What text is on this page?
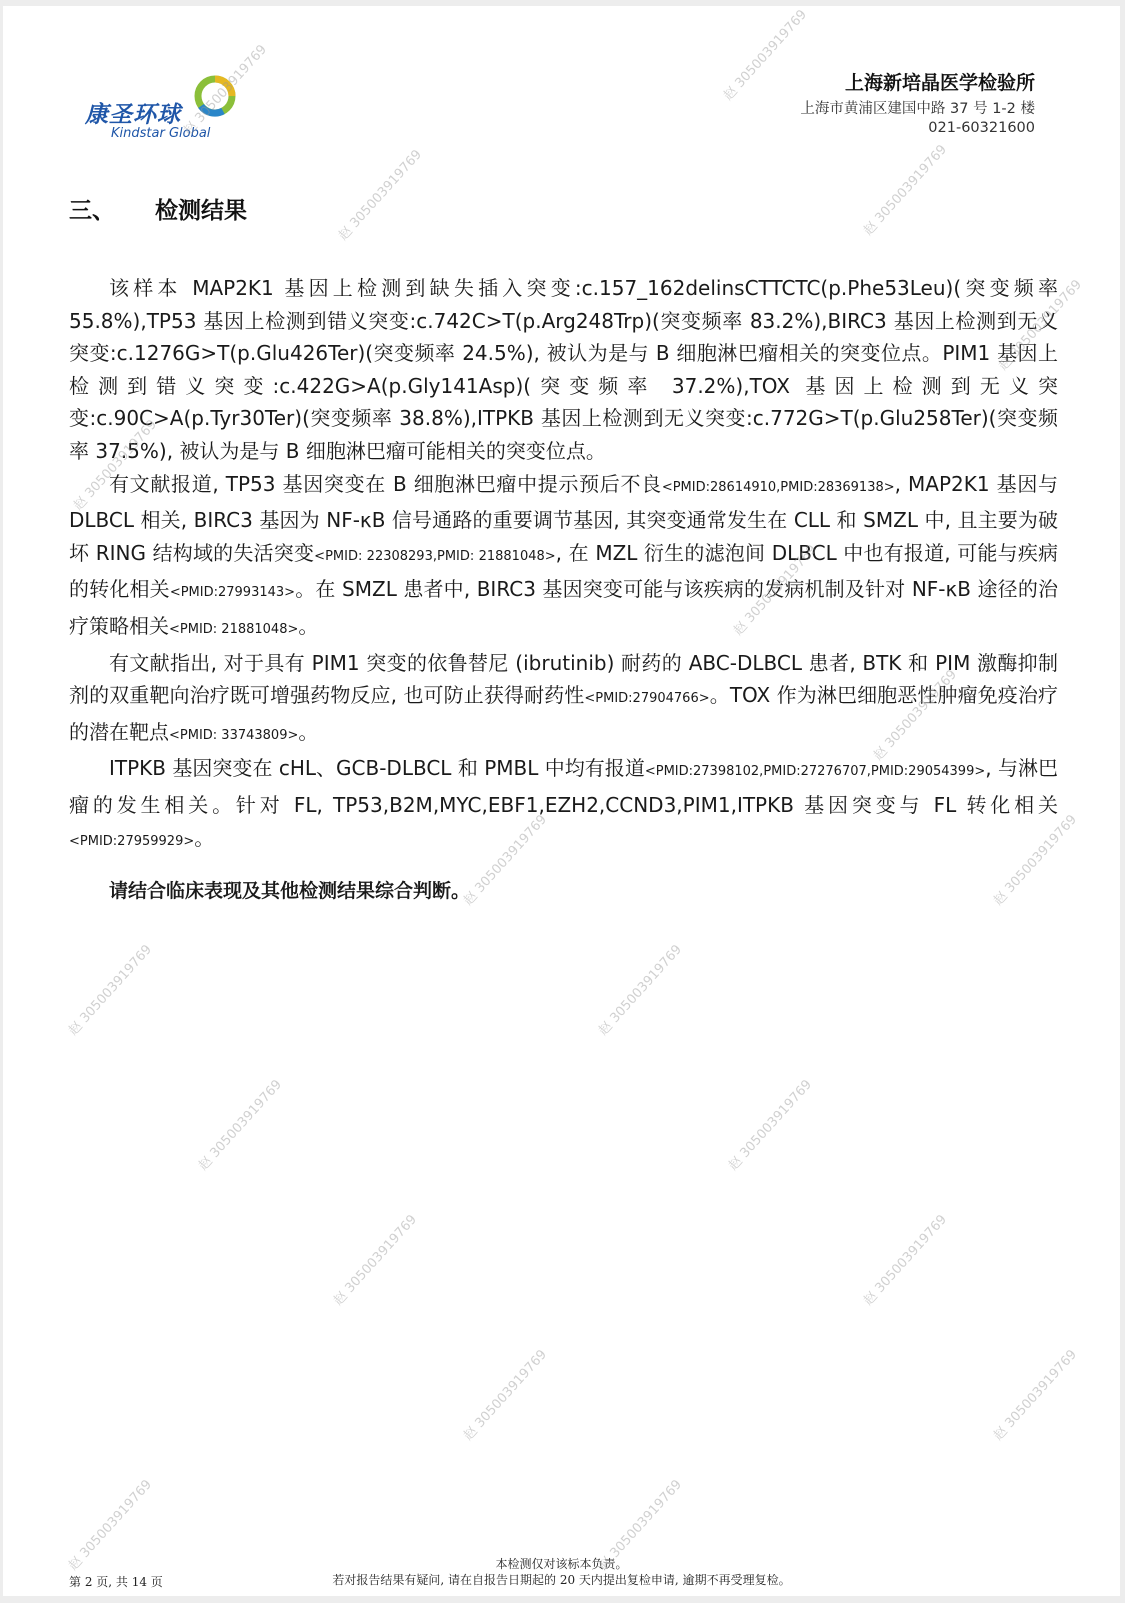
康圣环球
Kindstar Global
上海新培晶医学检验所
上海市黄浦区建国中路 37 号 1-2 楼
021-60321600
三、 检测结果

该样本 MAP2K1 基因上检测到缺失插入突变:c.157_162delinsCTTCTC(p.Phe53Leu)(突变频率55.8%),TP53 基因上检测到错义突变:c.742C>T(p.Arg248Trp)(突变频率 83.2%),BIRC3 基因上检测到无义突变:c.1276G>T(p.Glu426Ter)(突变频率 24.5%), 被认为是与 B 细胞淋巴瘤相关的突变位点。PIM1 基因上检测到错义突变:c.422G>A(p.Gly141Asp)(突变频率 37.2%),TOX 基因上检测到无义突变:c.90C>A(p.Tyr30Ter)(突变频率 38.8%),ITPKB 基因上检测到无义突变:c.772G>T(p.Glu258Ter)(突变频率 37.5%), 被认为是与 B 细胞淋巴瘤可能相关的突变位点。

有文献报道, TP53 基因突变在 B 细胞淋巴瘤中提示预后不良<PMID:28614910,PMID:28369138>, MAP2K1 基因与 DLBCL 相关, BIRC3 基因为 NF-κB 信号通路的重要调节基因, 其突变通常发生在 CLL 和 SMZL 中, 且主要为破坏 RING 结构域的失活突变<PMID: 22308293,PMID: 21881048>, 在 MZL 衍生的滤泡间 DLBCL 中也有报道, 可能与疾病的转化相关<PMID:27993143>。在 SMZL 患者中, BIRC3 基因突变可能与该疾病的发病机制及针对 NF-κB 途径的治疗策略相关<PMID: 21881048>。

有文献指出, 对于具有 PIM1 突变的依鲁替尼 (ibrutinib) 耐药的 ABC-DLBCL 患者, BTK 和 PIM 激酶抑制剂的双重靶向治疗既可增强药物反应, 也可防止获得耐药性<PMID:27904766>。TOX 作为淋巴细胞恶性肿瘤免疫治疗的潜在靶点<PMID: 33743809>。

ITPKB 基因突变在 cHL、GCB-DLBCL 和 PMBL 中均有报道<PMID:27398102,PMID:27276707,PMID:29054399>, 与淋巴瘤的发生相关。针对 FL, TP53,B2M,MYC,EBF1,EZH2,CCND3,PIM1,ITPKB 基因突变与 FL 转化相关<PMID:27959929>。

请结合临床表现及其他检测结果综合判断。

第 2 页, 共 14 页
本检测仅对该标本负责。
若对报告结果有疑问, 请在自报告日期起的 20 天内提出复检申请, 逾期不再受理复检。
赵 305003919769	赵 305003919769
赵 305003919769	赵 305003919769
赵 305003919769
赵 305003919769
赵 305003919769
赵 305003919769
赵 305003919769	赵 305003919769
赵 305003919769	赵 305003919769
赵 305003919769	赵 305003919769
赵 305003919769	赵 305003919769
赵 305003919769	赵 305003919769
赵 305003919769	赵 305003919769
